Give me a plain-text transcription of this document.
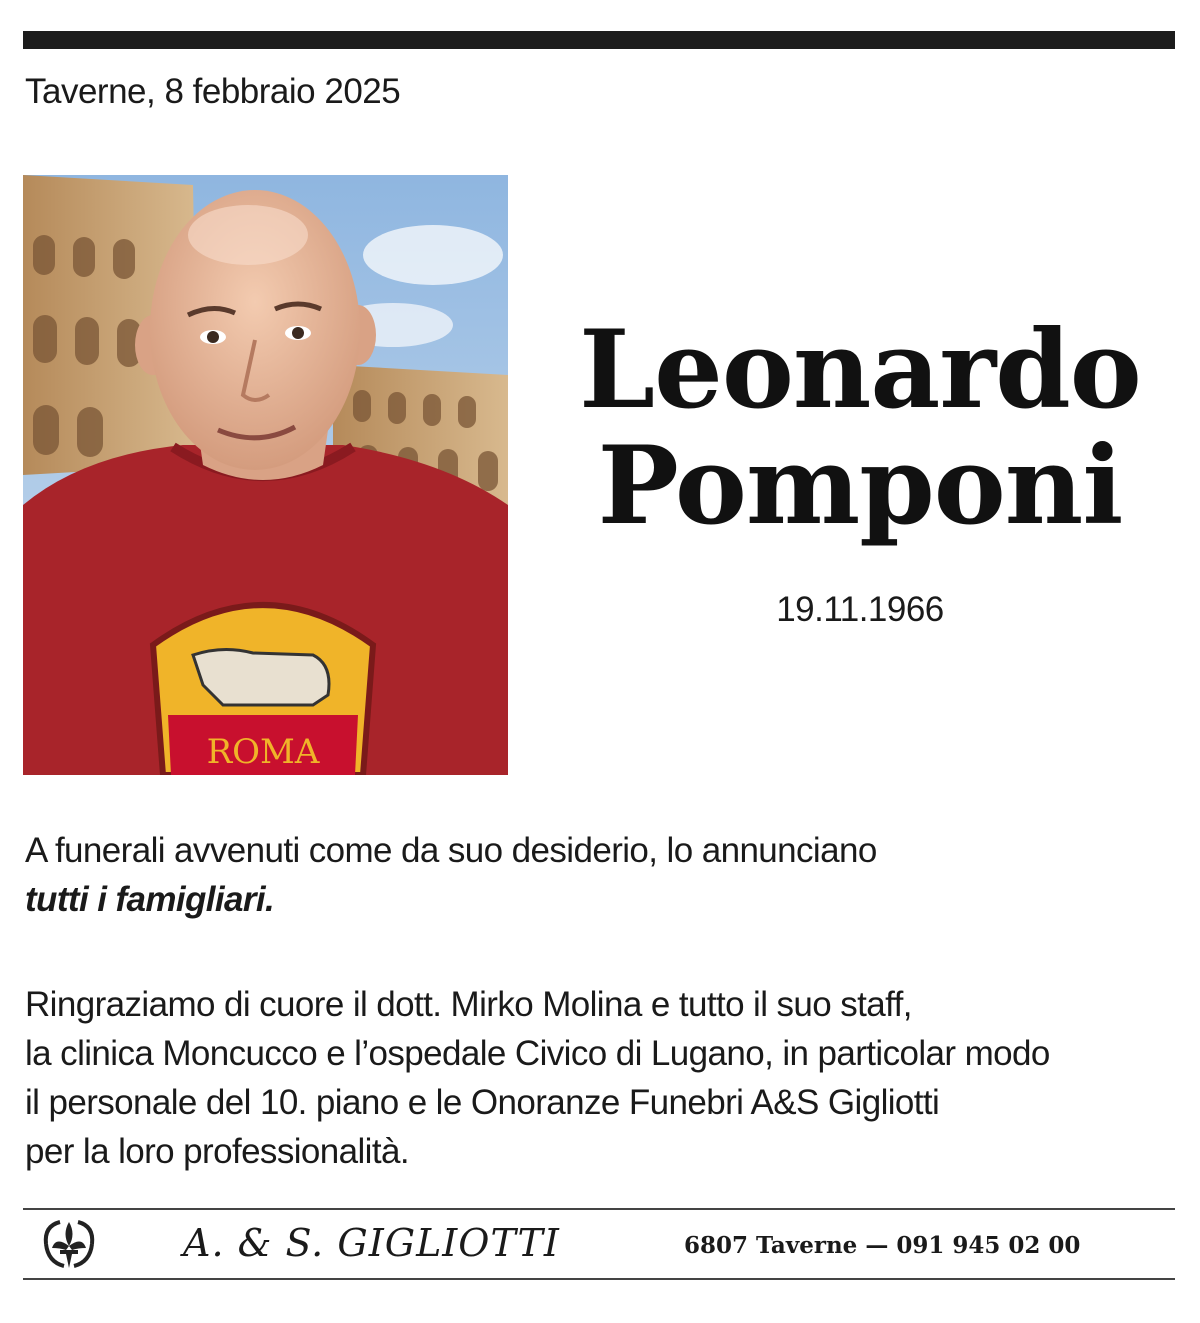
Taverne, 8 febbraio 2025
ROMA
Leonardo
Pomponi
19.11.1966
A funerali avvenuti come da suo desiderio, lo annunciano
tutti i famigliari.
Ringraziamo di cuore il dott. Mirko Molina e tutto il suo staff,
la clinica Moncucco e l’ospedale Civico di Lugano, in particolar modo
il personale del 10. piano e le Onoranze Funebri A&S Gigliotti
per la loro professionalità.
A. & S. GIGLIOTTI	6807 Taverne — 091 945 02 00
